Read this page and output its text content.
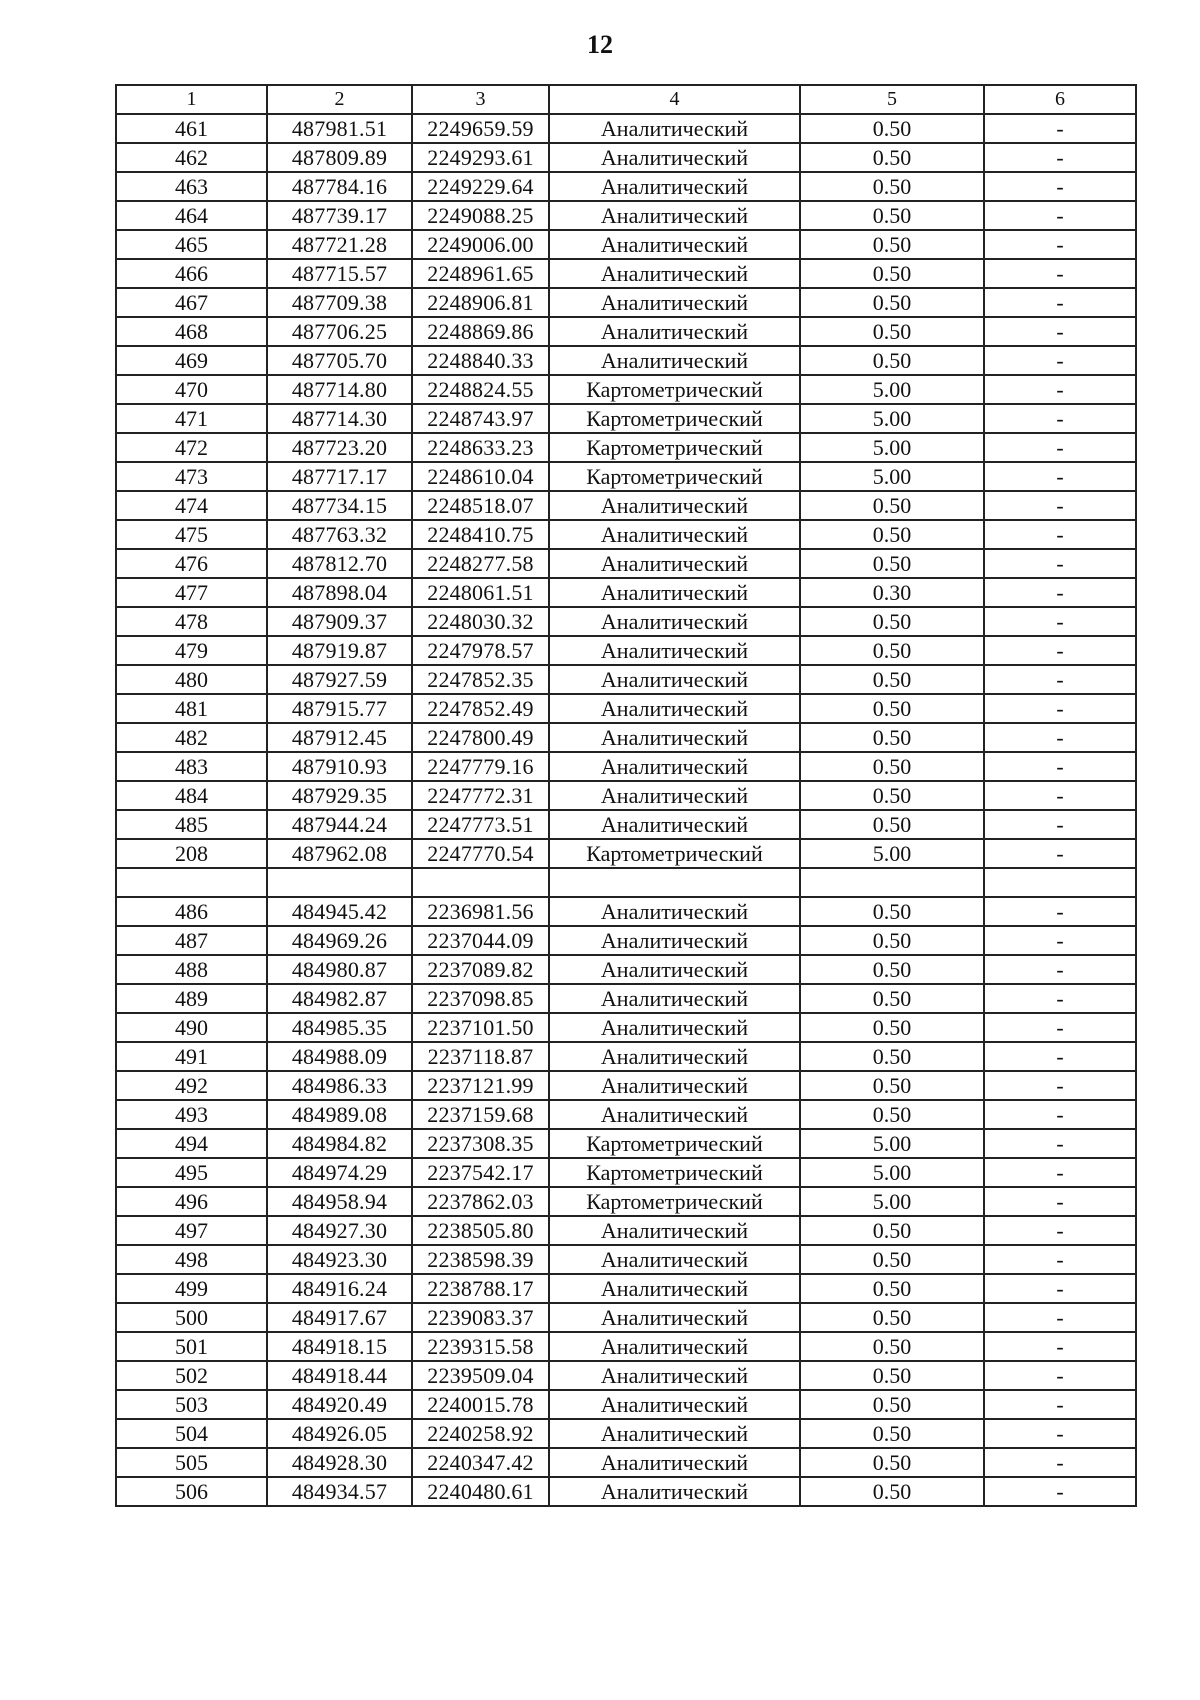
12
1	2	3	4	5	6
461	487981.51	2249659.59	Аналитический	0.50	-
462	487809.89	2249293.61	Аналитический	0.50	-
463	487784.16	2249229.64	Аналитический	0.50	-
464	487739.17	2249088.25	Аналитический	0.50	-
465	487721.28	2249006.00	Аналитический	0.50	-
466	487715.57	2248961.65	Аналитический	0.50	-
467	487709.38	2248906.81	Аналитический	0.50	-
468	487706.25	2248869.86	Аналитический	0.50	-
469	487705.70	2248840.33	Аналитический	0.50	-
470	487714.80	2248824.55	Картометрический	5.00	-
471	487714.30	2248743.97	Картометрический	5.00	-
472	487723.20	2248633.23	Картометрический	5.00	-
473	487717.17	2248610.04	Картометрический	5.00	-
474	487734.15	2248518.07	Аналитический	0.50	-
475	487763.32	2248410.75	Аналитический	0.50	-
476	487812.70	2248277.58	Аналитический	0.50	-
477	487898.04	2248061.51	Аналитический	0.30	-
478	487909.37	2248030.32	Аналитический	0.50	-
479	487919.87	2247978.57	Аналитический	0.50	-
480	487927.59	2247852.35	Аналитический	0.50	-
481	487915.77	2247852.49	Аналитический	0.50	-
482	487912.45	2247800.49	Аналитический	0.50	-
483	487910.93	2247779.16	Аналитический	0.50	-
484	487929.35	2247772.31	Аналитический	0.50	-
485	487944.24	2247773.51	Аналитический	0.50	-
208	487962.08	2247770.54	Картометрический	5.00	-

486	484945.42	2236981.56	Аналитический	0.50	-
487	484969.26	2237044.09	Аналитический	0.50	-
488	484980.87	2237089.82	Аналитический	0.50	-
489	484982.87	2237098.85	Аналитический	0.50	-
490	484985.35	2237101.50	Аналитический	0.50	-
491	484988.09	2237118.87	Аналитический	0.50	-
492	484986.33	2237121.99	Аналитический	0.50	-
493	484989.08	2237159.68	Аналитический	0.50	-
494	484984.82	2237308.35	Картометрический	5.00	-
495	484974.29	2237542.17	Картометрический	5.00	-
496	484958.94	2237862.03	Картометрический	5.00	-
497	484927.30	2238505.80	Аналитический	0.50	-
498	484923.30	2238598.39	Аналитический	0.50	-
499	484916.24	2238788.17	Аналитический	0.50	-
500	484917.67	2239083.37	Аналитический	0.50	-
501	484918.15	2239315.58	Аналитический	0.50	-
502	484918.44	2239509.04	Аналитический	0.50	-
503	484920.49	2240015.78	Аналитический	0.50	-
504	484926.05	2240258.92	Аналитический	0.50	-
505	484928.30	2240347.42	Аналитический	0.50	-
506	484934.57	2240480.61	Аналитический	0.50	-
